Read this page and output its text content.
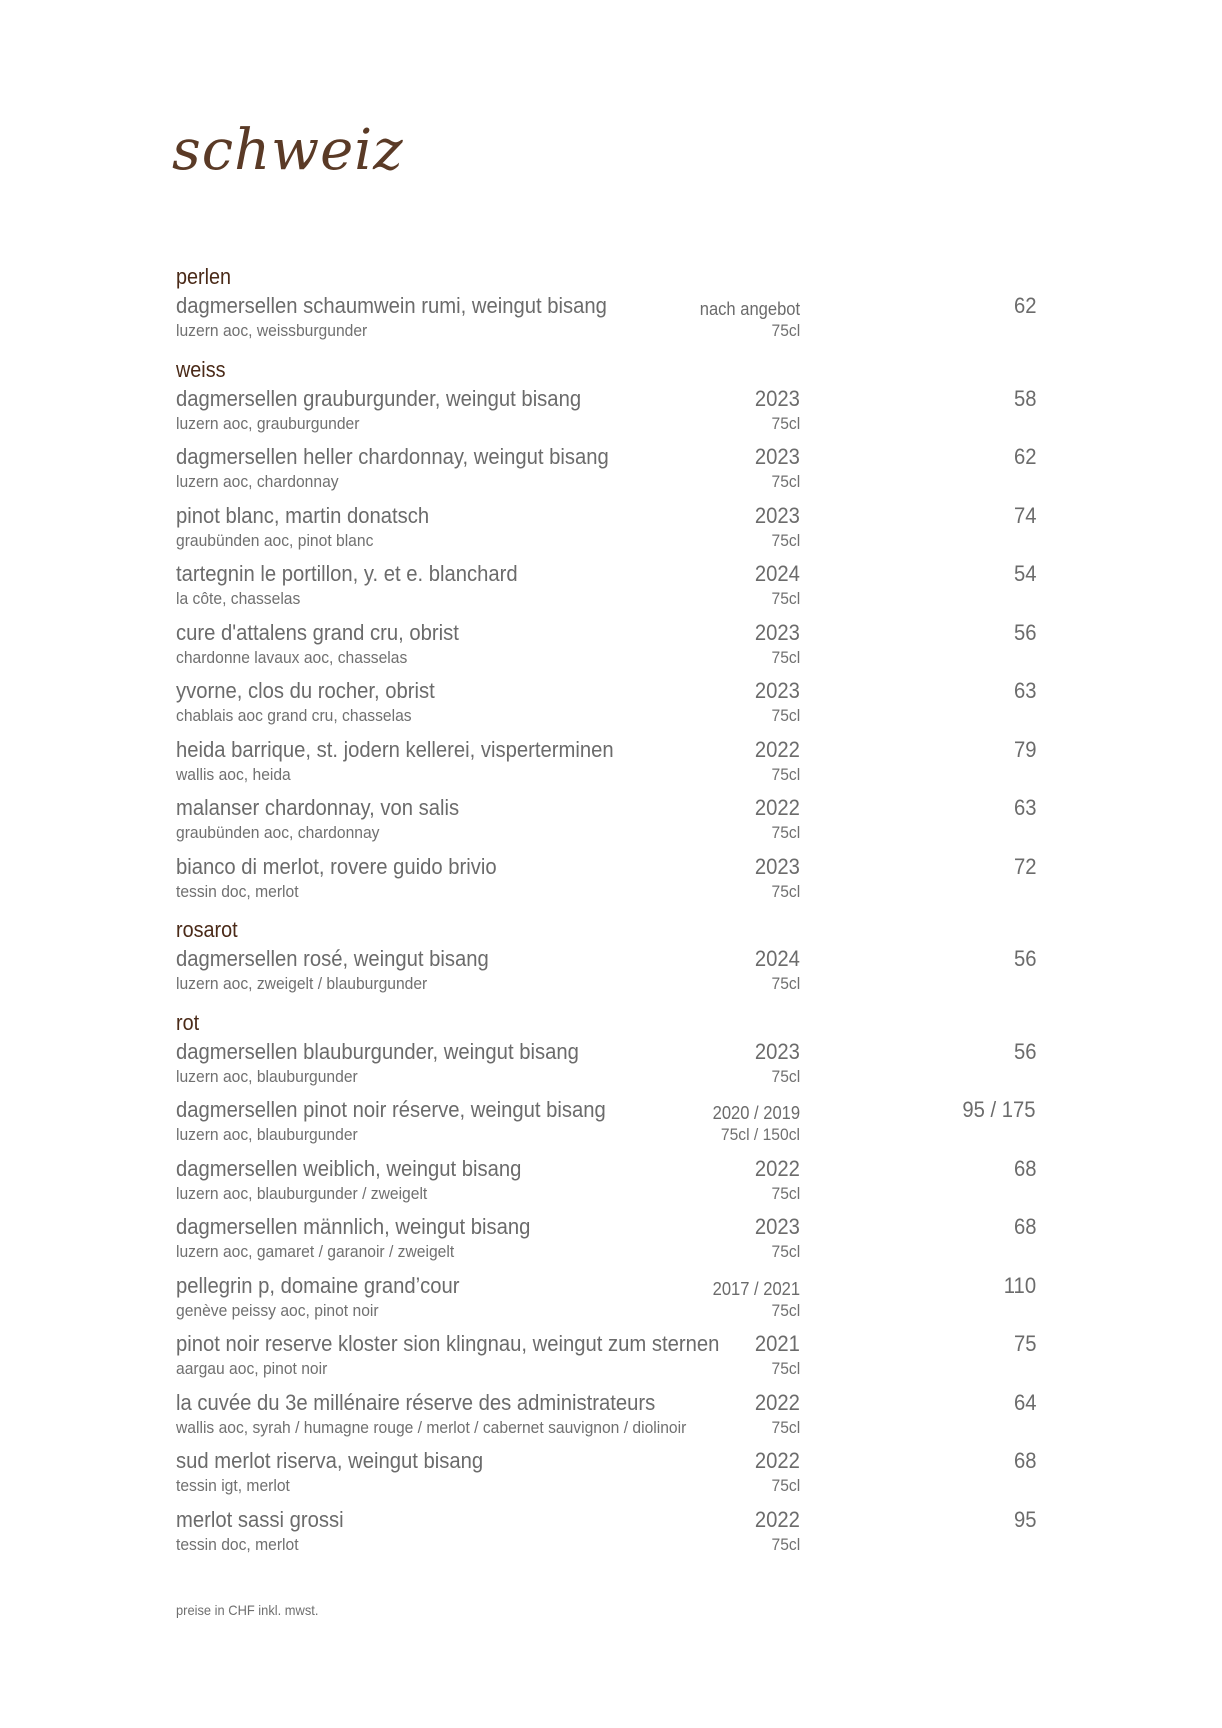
schweiz
perlen
dagmersellen schaumwein rumi, weingut bisang
luzern aoc, weissburgunder
nach angebot
75cl
62
weiss
dagmersellen grauburgunder, weingut bisang
luzern aoc, grauburgunder
2023
75cl
58
dagmersellen heller chardonnay, weingut bisang
luzern aoc, chardonnay
2023
75cl
62
pinot blanc, martin donatsch
graubünden aoc, pinot blanc
2023
75cl
74
tartegnin le portillon, y. et e. blanchard
la côte, chasselas
2024
75cl
54
cure d'attalens grand cru, obrist
chardonne lavaux aoc, chasselas
2023
75cl
56
yvorne, clos du rocher, obrist
chablais aoc grand cru, chasselas
2023
75cl
63
heida barrique, st. jodern kellerei, visperterminen
wallis aoc, heida
2022
75cl
79
malanser chardonnay, von salis
graubünden aoc, chardonnay
2022
75cl
63
bianco di merlot, rovere guido brivio
tessin doc, merlot
2023
75cl
72
rosarot
dagmersellen rosé, weingut bisang
luzern aoc, zweigelt / blauburgunder
2024
75cl
56
rot
dagmersellen blauburgunder, weingut bisang
luzern aoc, blauburgunder
2023
75cl
56
dagmersellen pinot noir réserve, weingut bisang
luzern aoc, blauburgunder
2020 / 2019
75cl / 150cl
95 / 175
dagmersellen weiblich, weingut bisang
luzern aoc, blauburgunder / zweigelt
2022
75cl
68
dagmersellen männlich, weingut bisang
luzern aoc, gamaret / garanoir / zweigelt
2023
75cl
68
pellegrin p, domaine grand’cour
genève peissy aoc, pinot noir
2017 / 2021
75cl
110
pinot noir reserve kloster sion klingnau, weingut zum sternen
aargau aoc, pinot noir
2021
75cl
75
la cuvée du 3e millénaire réserve des administrateurs
wallis aoc, syrah / humagne rouge / merlot / cabernet sauvignon / diolinoir
2022
75cl
64
sud merlot riserva, weingut bisang
tessin igt, merlot
2022
75cl
68
merlot sassi grossi
tessin doc, merlot
2022
75cl
95
preise in CHF inkl. mwst.
